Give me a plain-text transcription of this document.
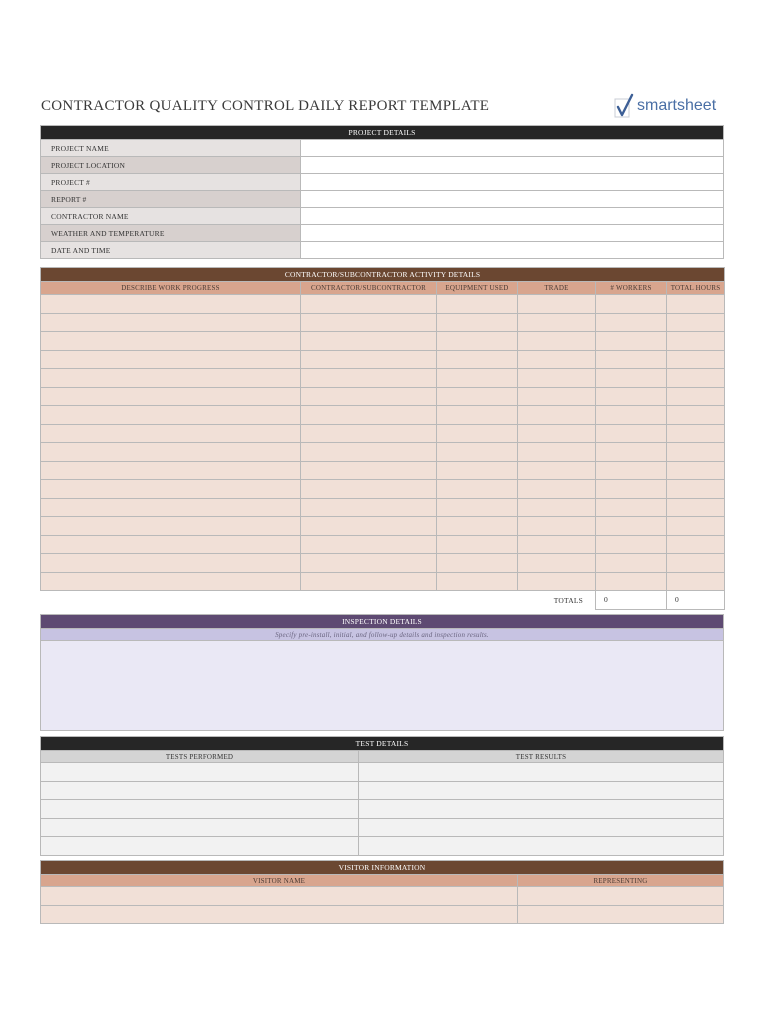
CONTRACTOR QUALITY CONTROL DAILY REPORT TEMPLATE	smartsheet
PROJECT DETAILS	
PROJECT NAME	
PROJECT LOCATION	
PROJECT #	
REPORT #	
CONTRACTOR NAME	
WEATHER AND TEMPERATURE	
DATE AND TIME	
CONTRACTOR/SUBCONTRACTOR ACTIVITY DETAILS					
DESCRIBE WORK PROGRESS	CONTRACTOR/SUBCONTRACTOR	EQUIPMENT USED	TRADE	# WORKERS	TOTAL HOURS

TOTALS				0	0
INSPECTION DETAILS
Specify pre-install, initial, and follow-up details and inspection results.

TEST DETAILS	
TESTS PERFORMED	TEST RESULTS

VISITOR INFORMATION	
VISITOR NAME	REPRESENTING
